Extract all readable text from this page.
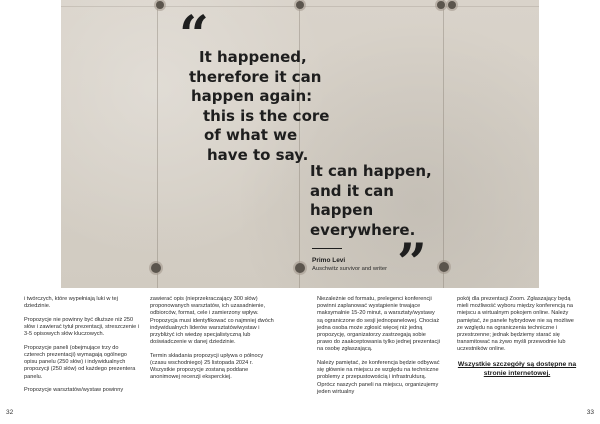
“
”
It happened,
therefore it can
happen again:
this is the core
of what we
have to say.
It can happen,
and it can
happen
everywhere.
Primo Levi
Auschwitz survivor and writer

i twórczych, które wypełniają luki w tej dziedzinie.

Propozycje nie powinny być dłuższe niż 250 słów i zawierać tytuł prezentacji, streszczenie i 3-5 opisowych słów kluczowych.

Propozycje paneli (obejmujące trzy do czterech prezentacji) wymagają ogólnego opisu panelu (250 słów) i indywidualnych propozycji (250 słów) od każdego prezentera panelu.

Propozycje warsztatów/wystaw powinny

zawierać opis (nieprzekraczający 300 słów) proponowanych warsztatów, ich uzasadnienie, odbiorców, format, cele i zamierzony wpływ. Propozycja musi identyfikować co najmniej dwóch indywidualnych liderów warsztatów/wystaw i przybliżyć ich wiedzę specjalistyczną lub doświadczenie w danej dziedzinie.

Termin składania propozycji upływa o północy (czasu wschodniego) 25 listopada 2024 r. Wszystkie propozycje zostaną poddane anonimowej recenzji eksperckiej.

Niezależnie od formatu, prelegenci konferencji powinni zaplanować wystąpienie trwające maksymalnie 15-20 minut, a warsztaty/wystawy są ograniczone do sesji jednopanelowej. Chociaż jedna osoba może zgłosić więcej niż jedną propozycję, organizatorzy zastrzegają sobie prawo do zaakceptowania tylko jednej prezentacji na osobę zgłaszającą.

Należy pamiętać, że konferencja będzie odbywać się głównie na miejscu ze względu na techniczne problemy z przepustowością i infrastrukturą. Oprócz naszych paneli na miejscu, organizujemy jeden wirtualny

pokój dla prezentacji Zoom. Zgłaszający będą mieli możliwość wyboru między konferencją na miejscu a wirtualnym pokojem online. Należy pamiętać, że panele hybrydowe nie są możliwe ze względu na ograniczenia techniczne i przestrzenne; jednak będziemy starać się transmitować na żywo myśli przewodnie lub uczestników online.

Wszystkie szczegóły są dostępne na stronie internetowej.
32	33
